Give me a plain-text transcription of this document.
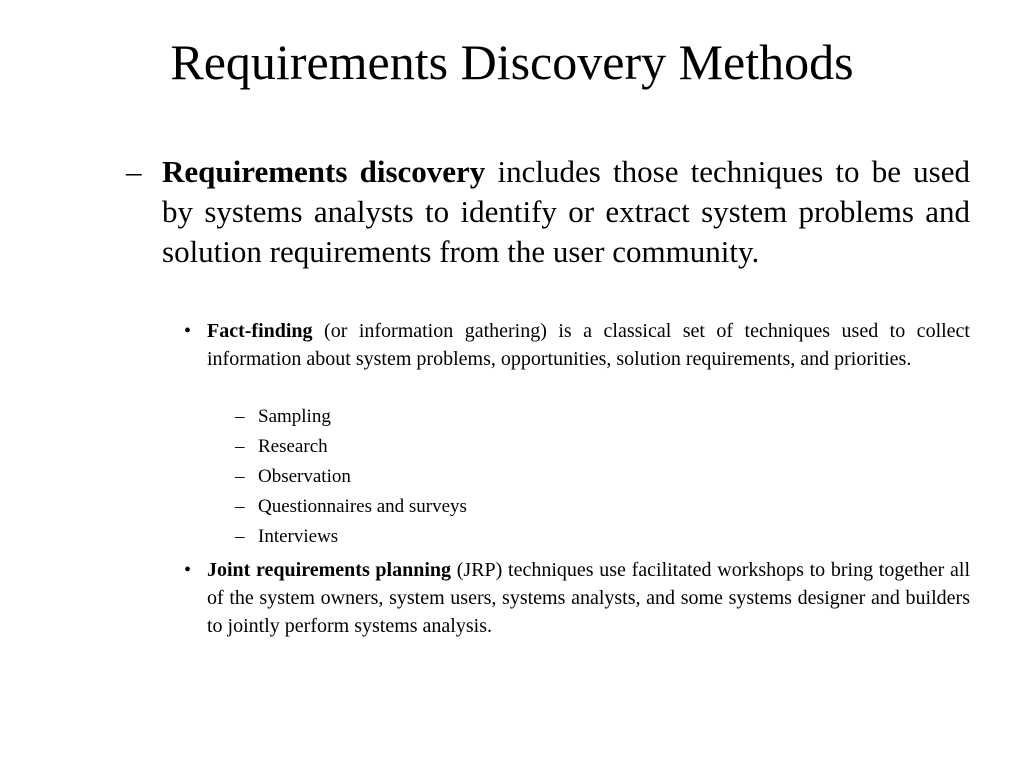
Requirements Discovery Methods
– Requirements discovery includes those techniques to be used by systems analysts to identify or extract system problems and solution requirements from the user community.
• Fact-finding (or information gathering) is a classical set of techniques used to collect information about system problems, opportunities, solution requirements, and priorities.
– Sampling
– Research
– Observation
– Questionnaires and surveys
– Interviews
• Joint requirements planning (JRP) techniques use facilitated workshops to bring together all of the system owners, system users, systems analysts, and some systems designer and builders to jointly perform systems analysis.
